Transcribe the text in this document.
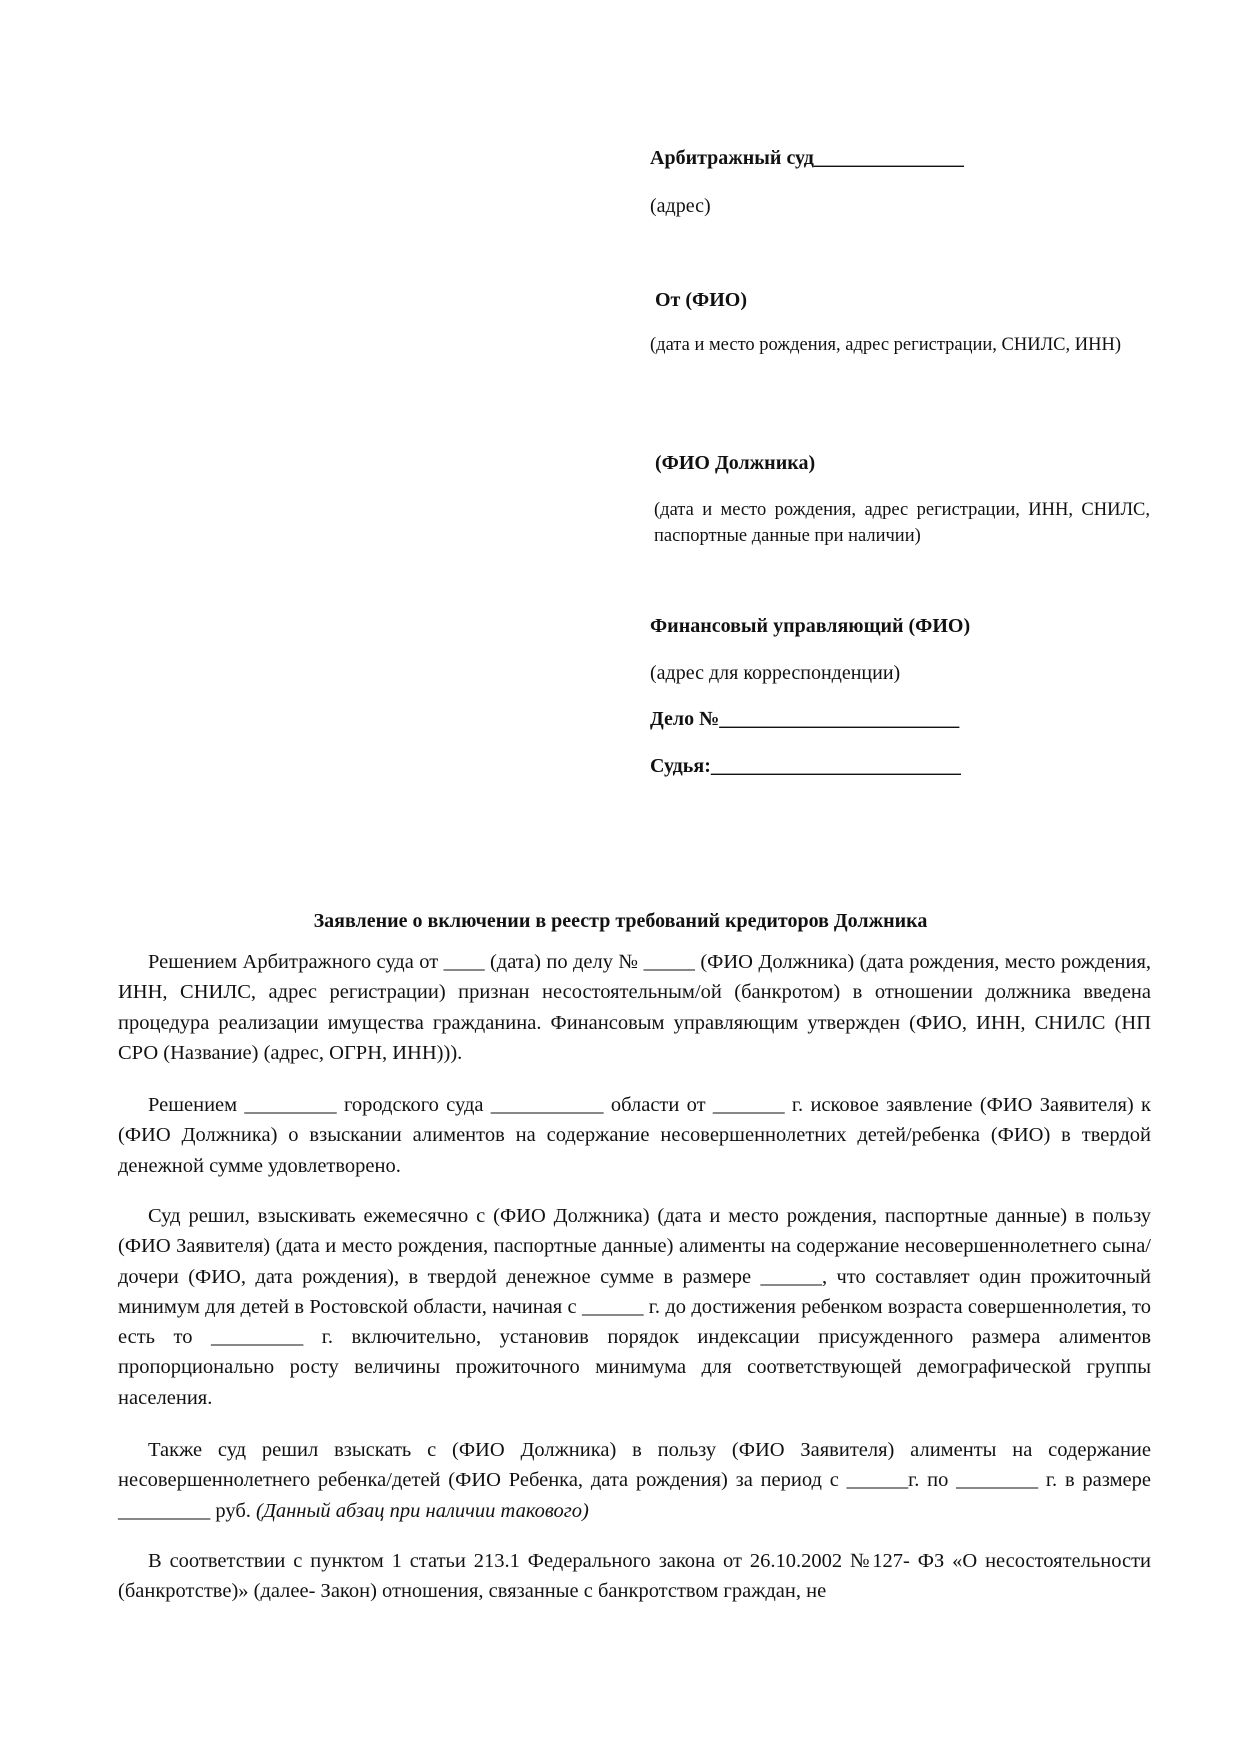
Арбитражный суд_______________
(адрес)
От (ФИО)
(дата и место рождения, адрес регистрации, СНИЛС, ИНН)
(ФИО Должника)
(дата и место рождения, адрес регистрации, ИНН, СНИЛС, паспортные данные при наличии)
Финансовый управляющий (ФИО)
(адрес для корреспонденции)
Дело №________________________
Судья:_________________________
Заявление о включении в реестр требований кредиторов Должника

Решением Арбитражного суда от ____ (дата) по делу № _____ (ФИО Должника) (дата рождения, место рождения, ИНН, СНИЛС, адрес регистрации) признан несостоятельным/ой (банкротом) в отношении должника введена процедура реализации имущества гражданина. Финансовым управляющим утвержден (ФИО, ИНН, СНИЛС (НП СРО (Название) (адрес, ОГРН, ИНН))).

Решением _________ городского суда ___________ области от _______ г. исковое заявление (ФИО Заявителя) к (ФИО Должника) о взыскании алиментов на содержание несовершеннолетних детей/ребенка (ФИО) в твердой денежной сумме удовлетворено.

Суд решил, взыскивать ежемесячно с (ФИО Должника) (дата и место рождения, паспортные данные) в пользу (ФИО Заявителя) (дата и место рождения, паспортные данные) алименты на содержание несовершеннолетнего сына/дочери (ФИО, дата рождения), в твердой денежное сумме в размере ______, что составляет один прожиточный минимум для детей в Ростовской области, начиная с ______ г. до достижения ребенком возраста совершеннолетия, то есть то _________ г. включительно, установив порядок индексации присужденного размера алиментов пропорционально росту величины прожиточного минимума для соответствующей демографической группы населения.

Также суд решил взыскать с (ФИО Должника) в пользу (ФИО Заявителя) алименты на содержание несовершеннолетнего ребенка/детей (ФИО Ребенка, дата рождения) за период с ______г. по ________ г. в размере _________ руб. (Данный абзац при наличии такового)

В соответствии с пунктом 1 статьи 213.1 Федерального закона от 26.10.2002 №127- ФЗ «О несостоятельности (банкротстве)» (далее- Закон) отношения, связанные с банкротством граждан, не
